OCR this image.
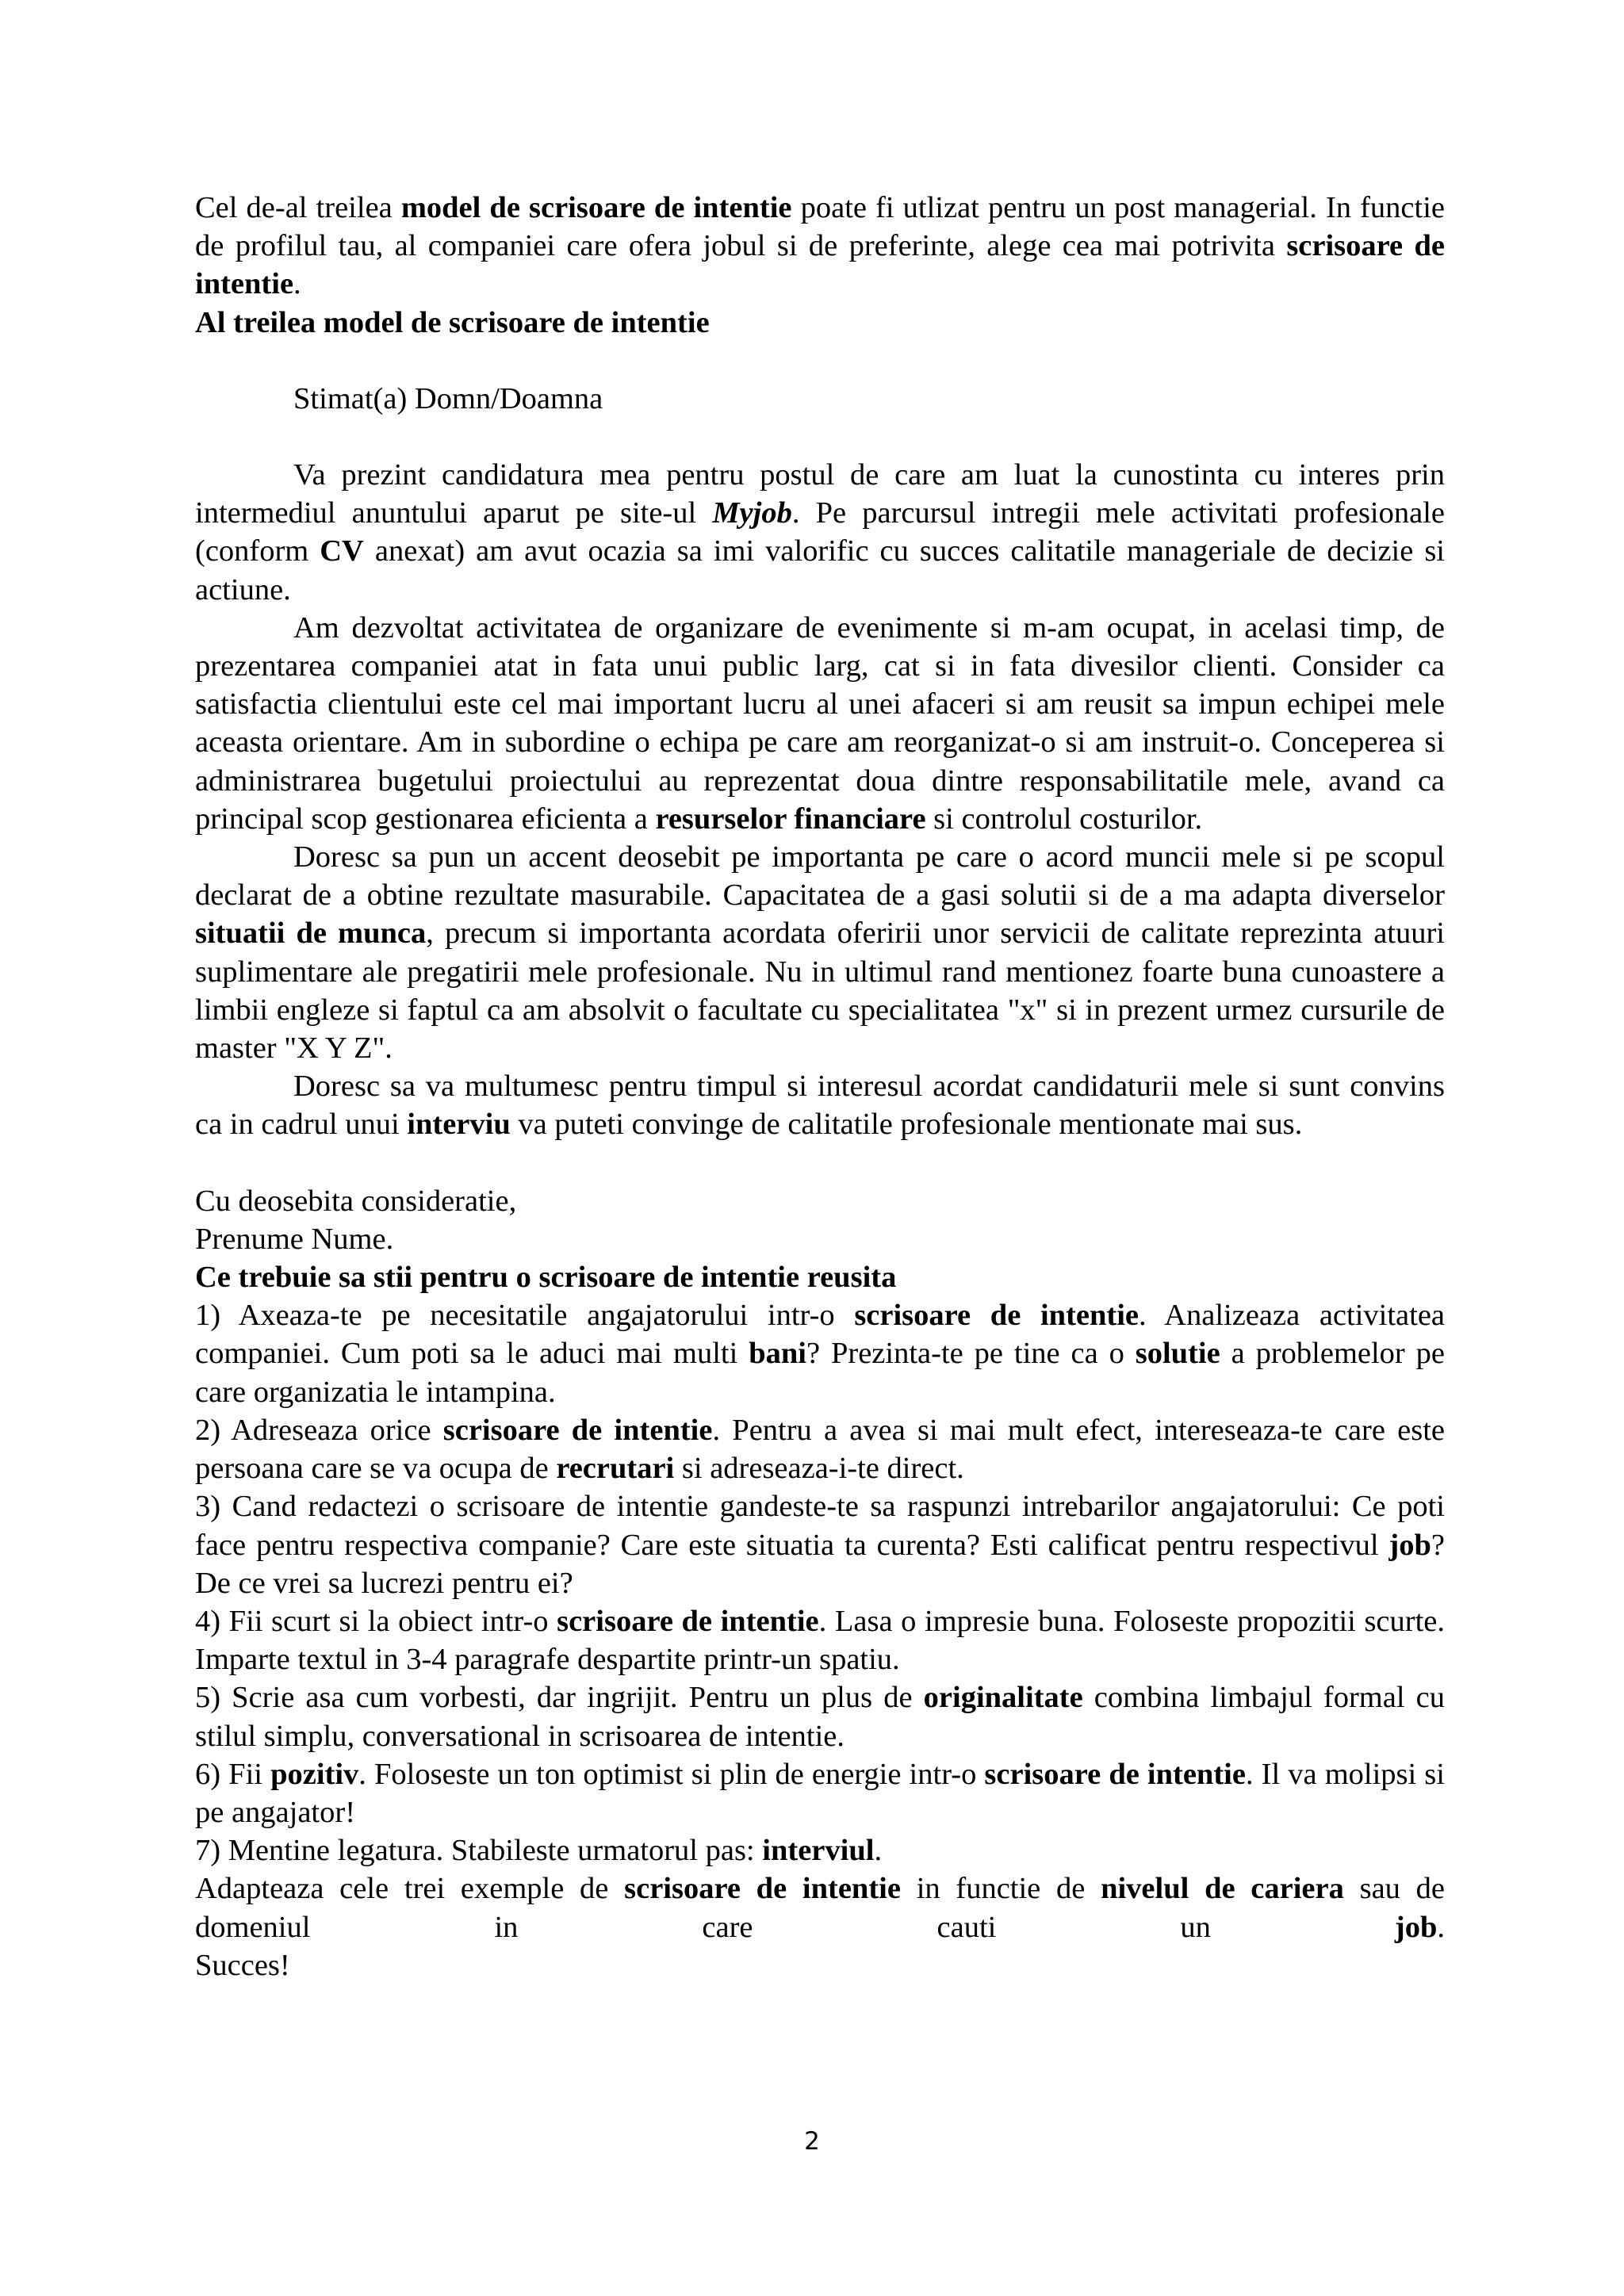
Cel de-al treilea model de scrisoare de intentie poate fi utlizat pentru un post managerial. In functie de profilul tau, al companiei care ofera jobul si de preferinte, alege cea mai potrivita scrisoare de intentie.

Al treilea model de scrisoare de intentie

Stimat(a) Domn/Doamna

Va prezint candidatura mea pentru postul de care am luat la cunostinta cu interes prin intermediul anuntului aparut pe site-ul Myjob. Pe parcursul intregii mele activitati profesionale (conform CV anexat) am avut ocazia sa imi valorific cu succes calitatile manageriale de decizie si actiune.

Am dezvoltat activitatea de organizare de evenimente si m-am ocupat, in acelasi timp, de prezentarea companiei atat in fata unui public larg, cat si in fata divesilor clienti. Consider ca satisfactia clientului este cel mai important lucru al unei afaceri si am reusit sa impun echipei mele aceasta orientare. Am in subordine o echipa pe care am reorganizat-o si am instruit-o. Conceperea si administrarea bugetului proiectului au reprezentat doua dintre responsabilitatile mele, avand ca principal scop gestionarea eficienta a resurselor financiare si controlul costurilor.

Doresc sa pun un accent deosebit pe importanta pe care o acord muncii mele si pe scopul declarat de a obtine rezultate masurabile. Capacitatea de a gasi solutii si de a ma adapta diverselor situatii de munca, precum si importanta acordata oferirii unor servicii de calitate reprezinta atuuri suplimentare ale pregatirii mele profesionale. Nu in ultimul rand mentionez foarte buna cunoastere a limbii engleze si faptul ca am absolvit o facultate cu specialitatea "x" si in prezent urmez cursurile de master "X Y Z".

Doresc sa va multumesc pentru timpul si interesul acordat candidaturii mele si sunt convins ca in cadrul unui interviu va puteti convinge de calitatile profesionale mentionate mai sus.

Cu deosebita consideratie,

Prenume Nume.

Ce trebuie sa stii pentru o scrisoare de intentie reusita

1) Axeaza-te pe necesitatile angajatorului intr-o scrisoare de intentie. Analizeaza activitatea companiei. Cum poti sa le aduci mai multi bani? Prezinta-te pe tine ca o solutie a problemelor pe care organizatia le intampina.

2) Adreseaza orice scrisoare de intentie. Pentru a avea si mai mult efect, intereseaza-te care este persoana care se va ocupa de recrutari si adreseaza-i-te direct.

3) Cand redactezi o scrisoare de intentie gandeste-te sa raspunzi intrebarilor angajatorului: Ce poti face pentru respectiva companie? Care este situatia ta curenta? Esti calificat pentru respectivul job? De ce vrei sa lucrezi pentru ei?

4) Fii scurt si la obiect intr-o scrisoare de intentie. Lasa o impresie buna. Foloseste propozitii scurte. Imparte textul in 3-4 paragrafe despartite printr-un spatiu.

5) Scrie asa cum vorbesti, dar ingrijit. Pentru un plus de originalitate combina limbajul formal cu stilul simplu, conversational in scrisoarea de intentie.

6) Fii pozitiv. Foloseste un ton optimist si plin de energie intr-o scrisoare de intentie. Il va molipsi si pe angajator!

7) Mentine legatura. Stabileste urmatorul pas: interviul.

Adapteaza cele trei exemple de scrisoare de intentie in functie de nivelul de cariera sau de domeniul in care cauti un job.

Succes!

2
